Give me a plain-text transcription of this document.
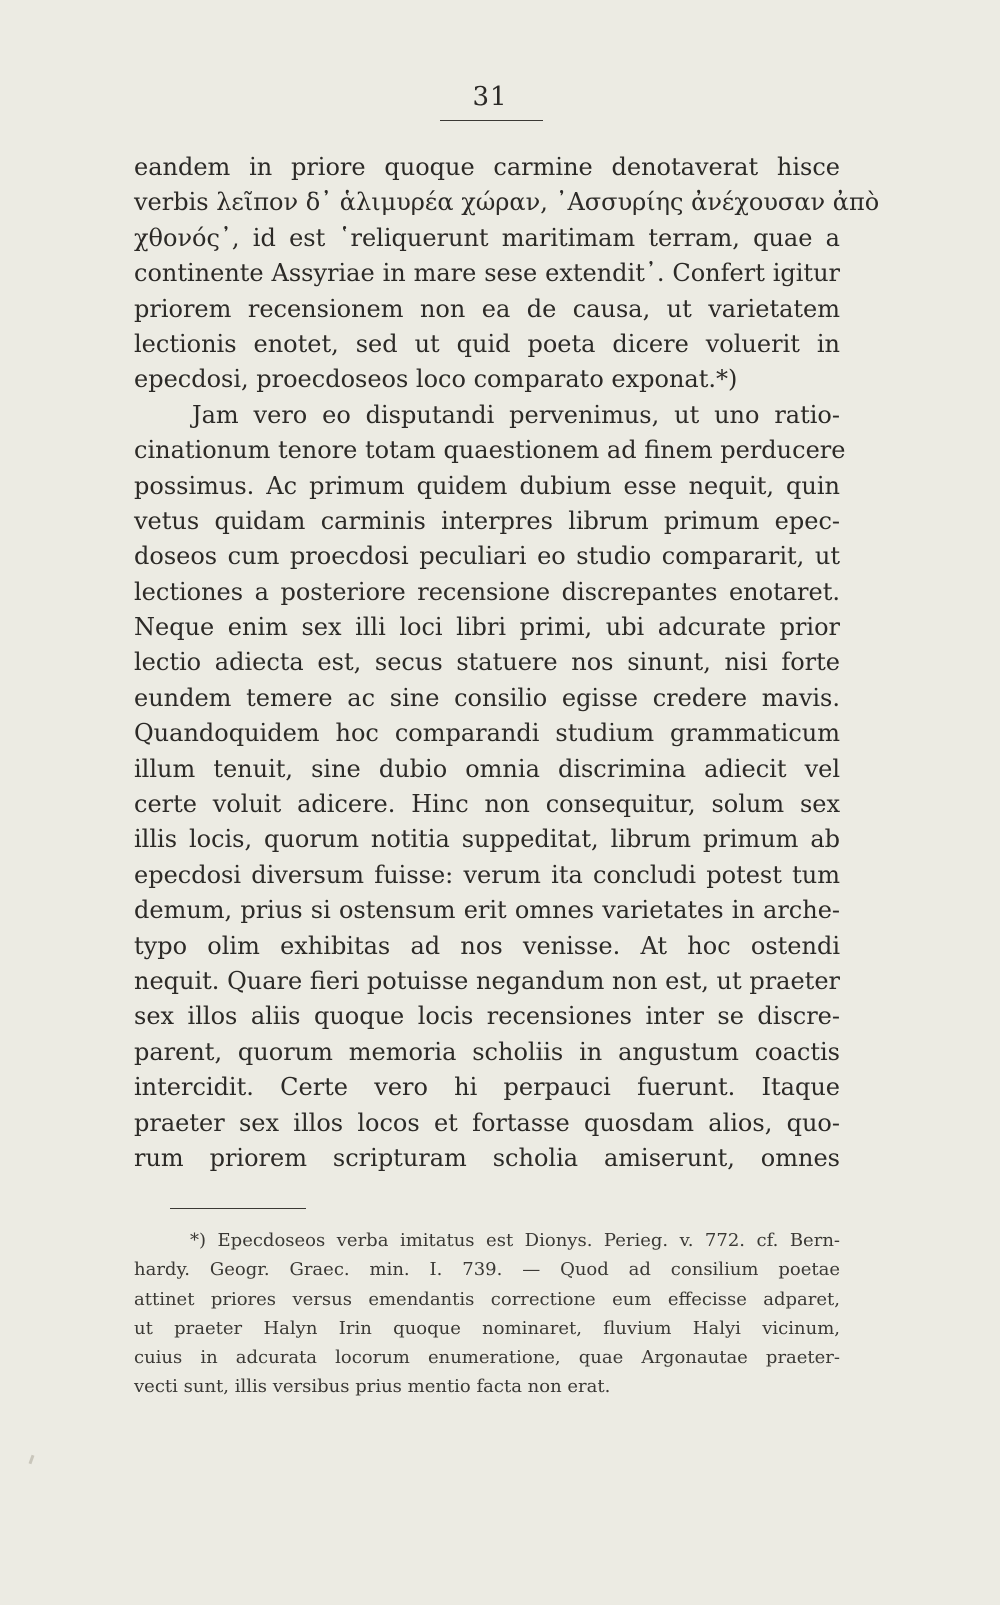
31
eandem in priore quoque carmine denotaverat hisce
verbis λεῖπον δ᾽ ἁλιμυρέα χώραν, ᾽Ασσυρίης ἀνέχουσαν ἀπὸ
χθονός᾽, id est ῾reliquerunt maritimam terram, quae a
continente Assyriae in mare sese extendit᾽. Confert igitur
priorem recensionem non ea de causa, ut varietatem
lectionis enotet, sed ut quid poeta dicere voluerit in
epecdosi, proecdoseos loco comparato exponat.*)
Jam vero eo disputandi pervenimus, ut uno ratio-
cinationum tenore totam quaestionem ad finem perducere
possimus. Ac primum quidem dubium esse nequit, quin
vetus quidam carminis interpres librum primum epec-
doseos cum proecdosi peculiari eo studio compararit, ut
lectiones a posteriore recensione discrepantes enotaret.
Neque enim sex illi loci libri primi, ubi adcurate prior
lectio adiecta est, secus statuere nos sinunt, nisi forte
eundem temere ac sine consilio egisse credere mavis.
Quandoquidem hoc comparandi studium grammaticum
illum tenuit, sine dubio omnia discrimina adiecit vel
certe voluit adicere. Hinc non consequitur, solum sex
illis locis, quorum notitia suppeditat, librum primum ab
epecdosi diversum fuisse: verum ita concludi potest tum
demum, prius si ostensum erit omnes varietates in arche-
typo olim exhibitas ad nos venisse. At hoc ostendi
nequit. Quare fieri potuisse negandum non est, ut praeter
sex illos aliis quoque locis recensiones inter se discre-
parent, quorum memoria scholiis in angustum coactis
intercidit. Certe vero hi perpauci fuerunt. Itaque
praeter sex illos locos et fortasse quosdam alios, quo-
rum priorem scripturam scholia amiserunt, omnes
*) Epecdoseos verba imitatus est Dionys. Perieg. v. 772. cf. Bern-
hardy. Geogr. Graec. min. I. 739. — Quod ad consilium poetae
attinet priores versus emendantis correctione eum effecisse adparet,
ut praeter Halyn Irin quoque nominaret, fluvium Halyi vicinum,
cuius in adcurata locorum enumeratione, quae Argonautae praeter-
vecti sunt, illis versibus prius mentio facta non erat.
